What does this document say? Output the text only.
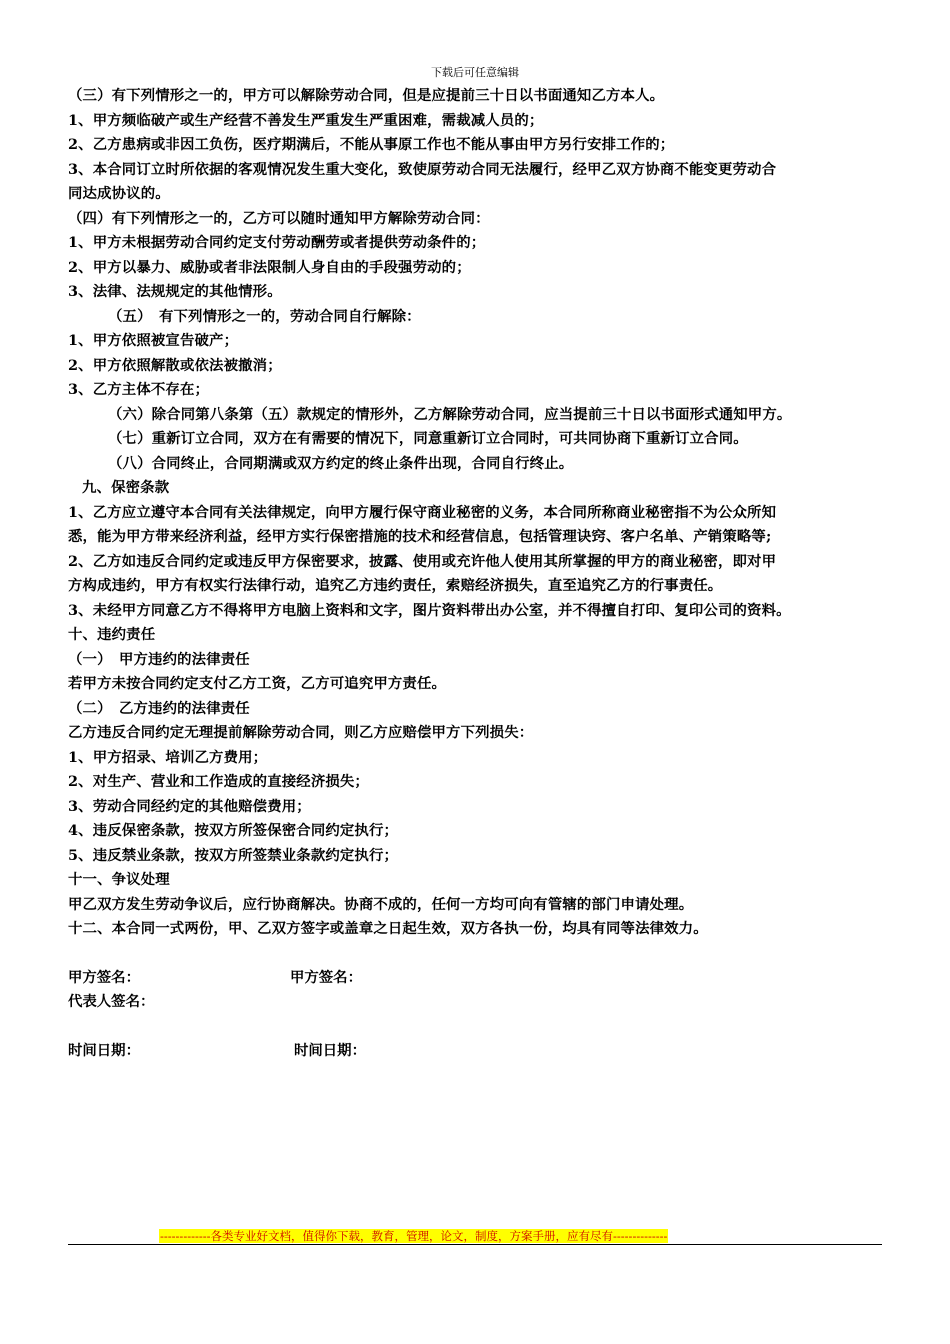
下载后可任意编辑
（三）有下列情形之一的，甲方可以解除劳动合同，但是应提前三十日以书面通知乙方本人。
1、甲方频临破产或生产经营不善发生严重发生严重困难，需裁减人员的；
2、乙方患病或非因工负伤，医疗期满后，不能从事原工作也不能从事由甲方另行安排工作的；
3、本合同订立时所依据的客观情况发生重大变化，致使原劳动合同无法履行，经甲乙双方协商不能变更劳动合
同达成协议的。
（四）有下列情形之一的，乙方可以随时通知甲方解除劳动合同：
1、甲方未根据劳动合同约定支付劳动酬劳或者提供劳动条件的；
2、甲方以暴力、威胁或者非法限制人身自由的手段强劳动的；
3、法律、法规规定的其他情形。
（五）　有下列情形之一的，劳动合同自行解除：
1、甲方依照被宣告破产；
2、甲方依照解散或依法被撤消；
3、乙方主体不存在；
（六）除合同第八条第（五）款规定的情形外，乙方解除劳动合同，应当提前三十日以书面形式通知甲方。
（七）重新订立合同，双方在有需要的情况下，同意重新订立合同时，可共同协商下重新订立合同。
（八）合同终止，合同期满或双方约定的终止条件出现，合同自行终止。
九、保密条款
1、乙方应立遵守本合同有关法律规定，向甲方履行保守商业秘密的义务，本合同所称商业秘密指不为公众所知
悉，能为甲方带来经济利益，经甲方实行保密措施的技术和经营信息，包括管理诀窍、客户名单、产销策略等;
2、乙方如违反合同约定或违反甲方保密要求，披露、使用或充许他人使用其所掌握的甲方的商业秘密，即对甲
方构成违约，甲方有权实行法律行动，追究乙方违约责任，索赔经济损失，直至追究乙方的行事责任。
3、未经甲方同意乙方不得将甲方电脑上资料和文字，图片资料带出办公室，并不得擅自打印、复印公司的资料。
十、违约责任
（一）　甲方违约的法律责任
若甲方未按合同约定支付乙方工资，乙方可追究甲方责任。
（二）　乙方违约的法律责任
乙方违反合同约定无理提前解除劳动合同，则乙方应赔偿甲方下列损失：
1、甲方招录、培训乙方费用；
2、对生产、营业和工作造成的直接经济损失；
3、劳动合同经约定的其他赔偿费用；
4、违反保密条款，按双方所签保密合同约定执行；
5、违反禁业条款，按双方所签禁业条款约定执行；
十一、争议处理
甲乙双方发生劳动争议后，应行协商解决。协商不成的，任何一方均可向有管辖的部门申请处理。
十二、本合同一式两份，甲、乙双方签字或盖章之日起生效，双方各执一份，均具有同等法律效力。
甲方签名：	甲方签名：
代表人签名：
时间日期：	时间日期：
-------------各类专业好文档，值得你下载，教育，管理，论文，制度，方案手册，应有尽有--------------
